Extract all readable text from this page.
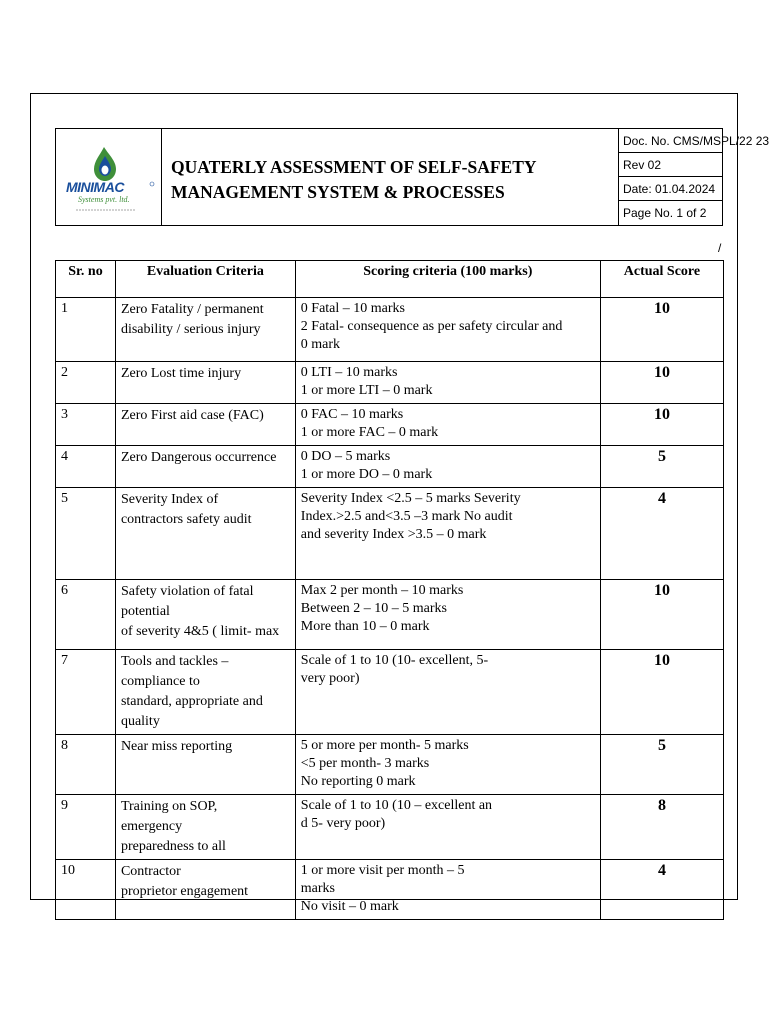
MINIMAC
Systems pvt. ltd.
QUATERLY ASSESSMENT OF SELF-SAFETY
MANAGEMENT SYSTEM & PROCESSES
Doc. No. CMS/MSPL/22 23
Rev 02
Date: 01.04.2024
Page No. 1 of 2
/
Sr. no	Evaluation Criteria	Scoring criteria (100 marks)	Actual Score
1	Zero Fatality / permanent
disability / serious injury	0 Fatal – 10 marks
2 Fatal- consequence as per safety circular and
0 mark	10
2	Zero Lost time injury	0 LTI – 10 marks
1 or more LTI – 0 mark	10
3	Zero First aid case (FAC)	0 FAC – 10 marks
1 or more FAC – 0 mark	10
4	Zero Dangerous occurrence	0 DO – 5 marks
1 or more DO – 0 mark	5
5	Severity Index of
contractors safety audit	Severity Index <2.5 – 5 marks Severity
Index.>2.5 and<3.5 –3 mark No audit
and severity Index >3.5 – 0 mark	4
6	Safety violation of fatal
potential
of severity 4&5 ( limit- max	Max 2 per month – 10 marks
Between 2 – 10 – 5 marks
More than 10 – 0 mark	10
7	Tools and tackles –
compliance to
standard, appropriate and
quality	Scale of 1 to 10 (10- excellent, 5-
very poor)	10
8	Near miss reporting	5 or more per month- 5 marks
<5 per month- 3 marks
No reporting 0 mark	5
9	Training on SOP,
emergency
preparedness to all	Scale of 1 to 10 (10 – excellent an
d 5- very poor)	8
10	Contractor
proprietor engagement	1 or more visit per month – 5
marks
No visit – 0 mark	4
